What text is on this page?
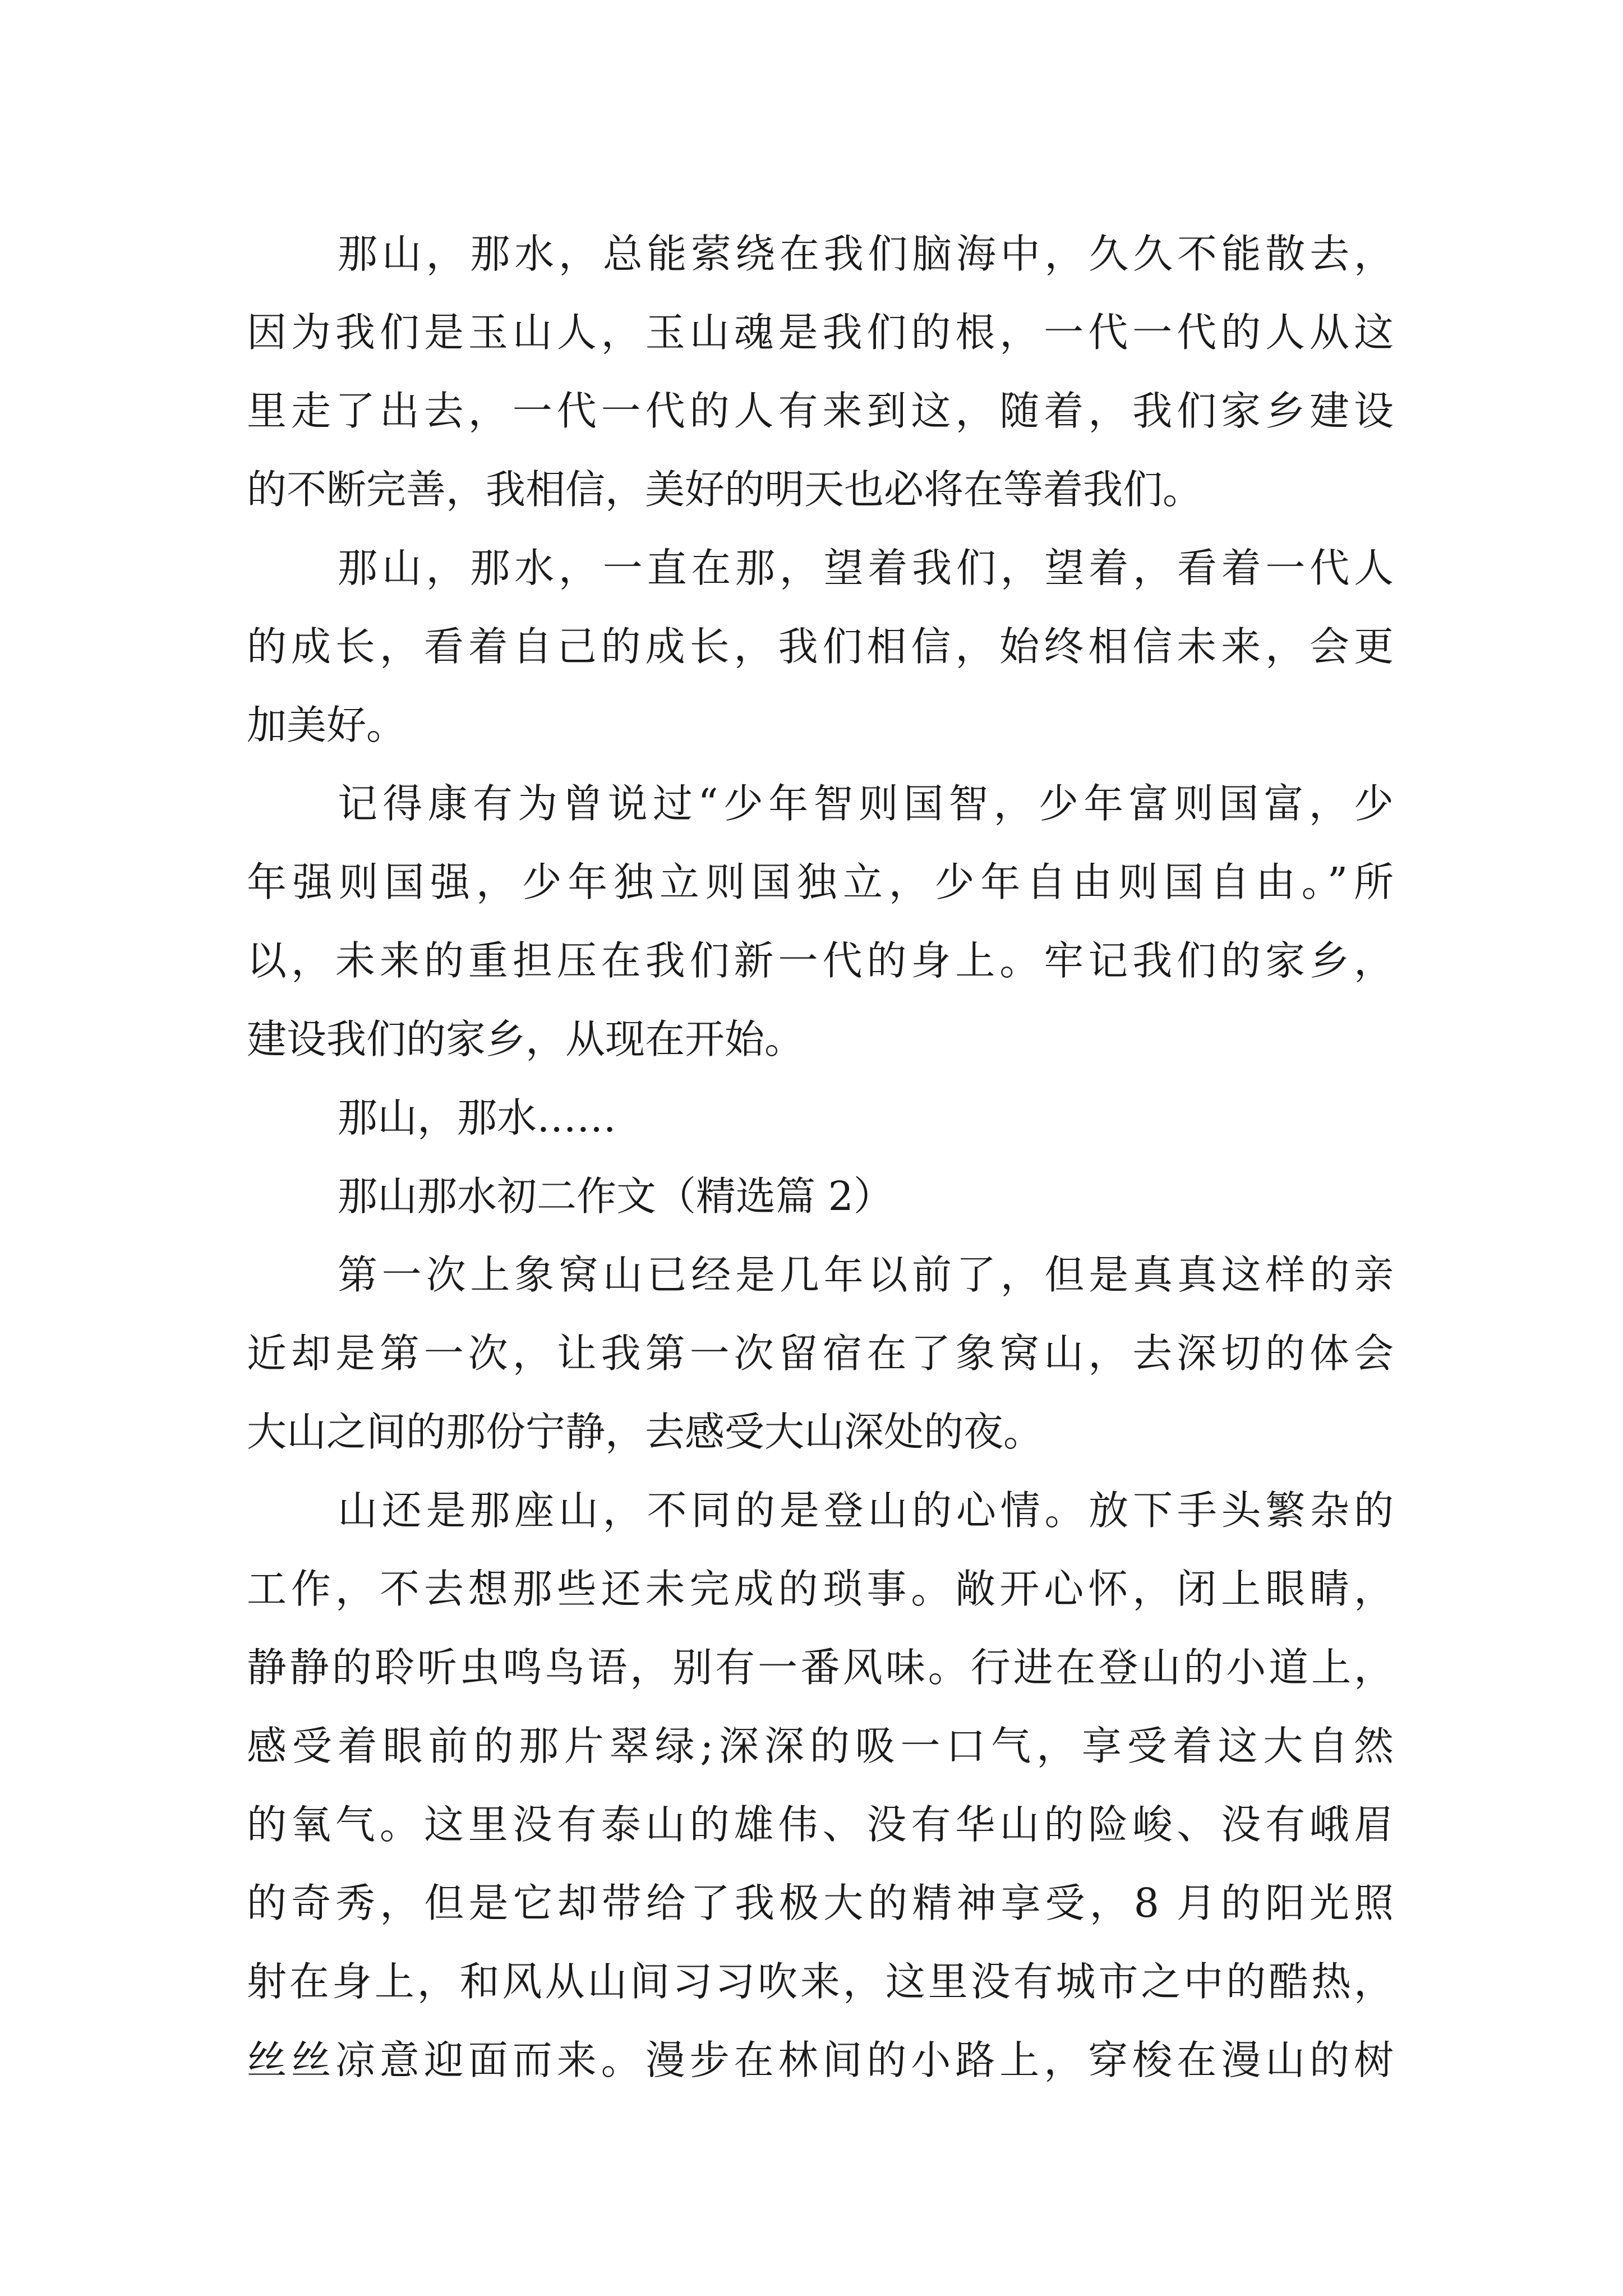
那山，那水，总能萦绕在我们脑海中，久久不能散去，
因为我们是玉山人，玉山魂是我们的根，一代一代的人从这
里走了出去，一代一代的人有来到这，随着，我们家乡建设
的不断完善，我相信，美好的明天也必将在等着我们。
那山，那水，一直在那，望着我们，望着，看着一代人
的成长，看着自己的成长，我们相信，始终相信未来，会更
加美好。
记得康有为曾说过“少年智则国智，少年富则国富，少
年强则国强，少年独立则国独立，少年自由则国自由。”所
以，未来的重担压在我们新一代的身上。牢记我们的家乡，
建设我们的家乡，从现在开始。
那山，那水……
那山那水初二作文（精选篇 2）
第一次上象窝山已经是几年以前了，但是真真这样的亲
近却是第一次，让我第一次留宿在了象窝山，去深切的体会
大山之间的那份宁静，去感受大山深处的夜。
山还是那座山，不同的是登山的心情。放下手头繁杂的
工作，不去想那些还未完成的琐事。敞开心怀，闭上眼睛，
静静的聆听虫鸣鸟语，别有一番风味。行进在登山的小道上，
感受着眼前的那片翠绿;深深的吸一口气，享受着这大自然
的氧气。这里没有泰山的雄伟、没有华山的险峻、没有峨眉
的奇秀，但是它却带给了我极大的精神享受，8 月的阳光照
射在身上，和风从山间习习吹来，这里没有城市之中的酷热，
丝丝凉意迎面而来。漫步在林间的小路上，穿梭在漫山的树
